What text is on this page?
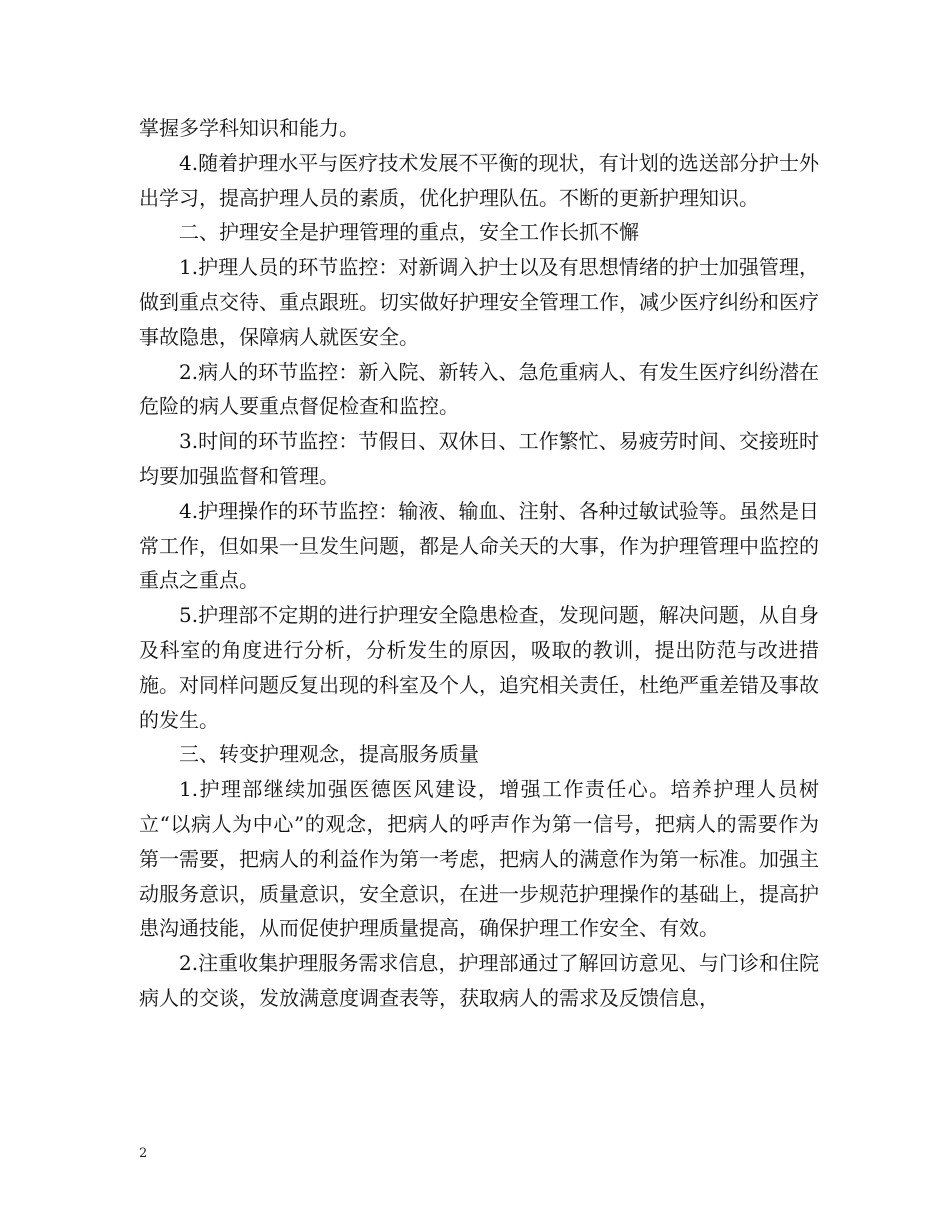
掌握多学科知识和能力。

4.随着护理水平与医疗技术发展不平衡的现状，有计划的选送部分护士外出学习，提高护理人员的素质，优化护理队伍。不断的更新护理知识。

二、护理安全是护理管理的重点，安全工作长抓不懈

1.护理人员的环节监控：对新调入护士以及有思想情绪的护士加强管理，做到重点交待、重点跟班。切实做好护理安全管理工作，减少医疗纠纷和医疗事故隐患，保障病人就医安全。

2.病人的环节监控：新入院、新转入、急危重病人、有发生医疗纠纷潜在危险的病人要重点督促检查和监控。

3.时间的环节监控：节假日、双休日、工作繁忙、易疲劳时间、交接班时均要加强监督和管理。

4.护理操作的环节监控：输液、输血、注射、各种过敏试验等。虽然是日常工作，但如果一旦发生问题，都是人命关天的大事，作为护理管理中监控的重点之重点。

5.护理部不定期的进行护理安全隐患检查，发现问题，解决问题，从自身及科室的角度进行分析，分析发生的原因，吸取的教训，提出防范与改进措施。对同样问题反复出现的科室及个人，追究相关责任，杜绝严重差错及事故的发生。

三、转变护理观念，提高服务质量

1.护理部继续加强医德医风建设，增强工作责任心。培养护理人员树立“以病人为中心”的观念，把病人的呼声作为第一信号，把病人的需要作为第一需要，把病人的利益作为第一考虑，把病人的满意作为第一标准。加强主动服务意识，质量意识，安全意识，在进一步规范护理操作的基础上，提高护患沟通技能，从而促使护理质量提高，确保护理工作安全、有效。

2.注重收集护理服务需求信息，护理部通过了解回访意见、与门诊和住院病人的交谈，发放满意度调查表等，获取病人的需求及反馈信息，

2
